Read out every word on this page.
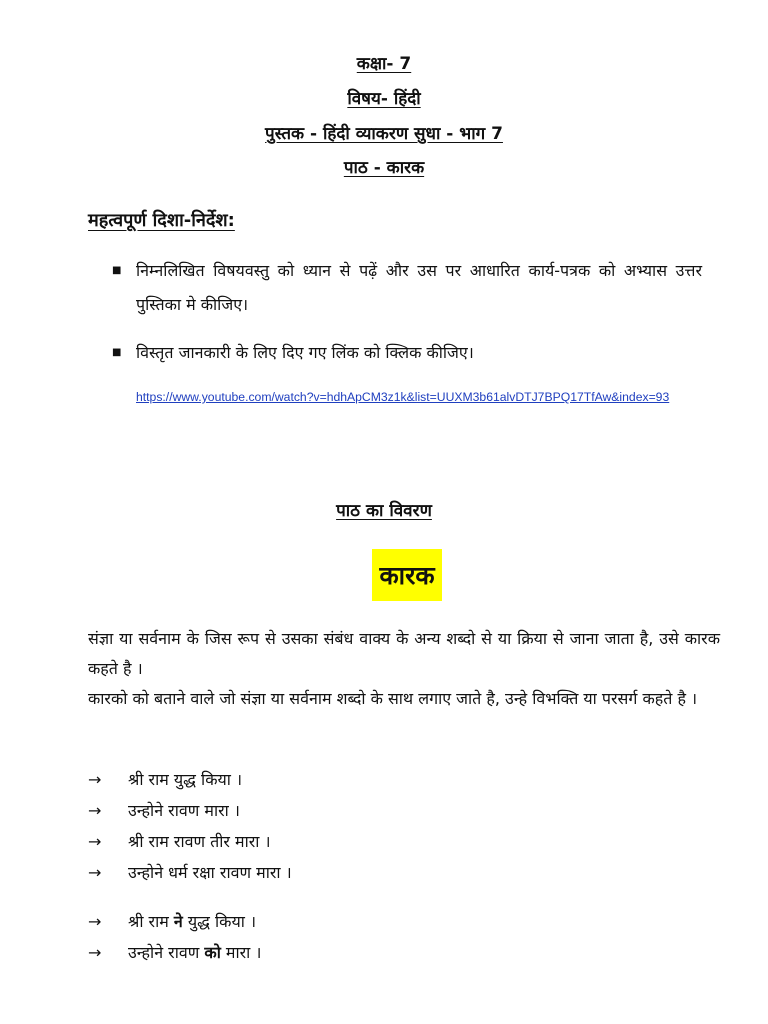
कक्षा- 7
विषय- हिंदी
पुस्तक - हिंदी व्याकरण सुधा - भाग 7
पाठ - कारक
महत्वपूर्ण दिशा-निर्देश:
■ निम्नलिखित विषयवस्तु को ध्यान से पढ़ें और उस पर आधारित कार्य-पत्रक को अभ्यास उत्तर पुस्तिका मे कीजिए।
■ विस्तृत जानकारी के लिए दिए गए लिंक को क्लिक कीजिए।
https://www.youtube.com/watch?v=hdhApCM3z1k&list=UUXM3b61alvDTJ7BPQ17TfAw&index=93
पाठ का विवरण
कारक
संज्ञा या सर्वनाम के जिस रूप से उसका संबंध वाक्य के अन्य शब्दो से या क्रिया से जाना जाता है, उसे कारक कहते है ।
कारको को बताने वाले जो संज्ञा या सर्वनाम शब्दो के साथ लगाए जाते है, उन्हे विभक्ति या परसर्ग कहते है ।
→	श्री राम युद्ध किया ।
→	उन्होने रावण मारा ।
→	श्री राम रावण तीर मारा ।
→	उन्होने धर्म रक्षा रावण मारा ।
→	श्री राम ने युद्ध किया ।
→	उन्होने रावण को मारा ।
